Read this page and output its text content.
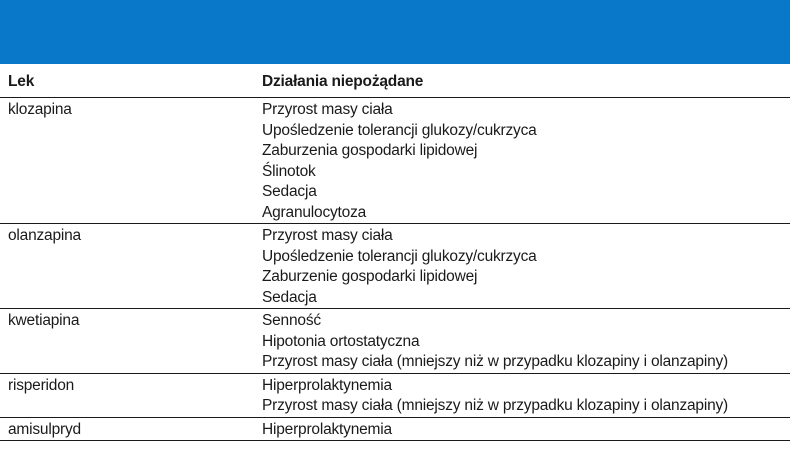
Lek	Działania niepożądane
klozapina	Przyrost masy ciała
Upośledzenie tolerancji glukozy/cukrzyca
Zaburzenia gospodarki lipidowej
Ślinotok
Sedacja
Agranulocytoza
olanzapina	Przyrost masy ciała
Upośledzenie tolerancji glukozy/cukrzyca
Zaburzenie gospodarki lipidowej
Sedacja
kwetiapina	Senność
Hipotonia ortostatyczna
Przyrost masy ciała (mniejszy niż w przypadku klozapiny i olanzapiny)
risperidon	Hiperprolaktynemia
Przyrost masy ciała (mniejszy niż w przypadku klozapiny i olanzapiny)
amisulpryd	Hiperprolaktynemia
